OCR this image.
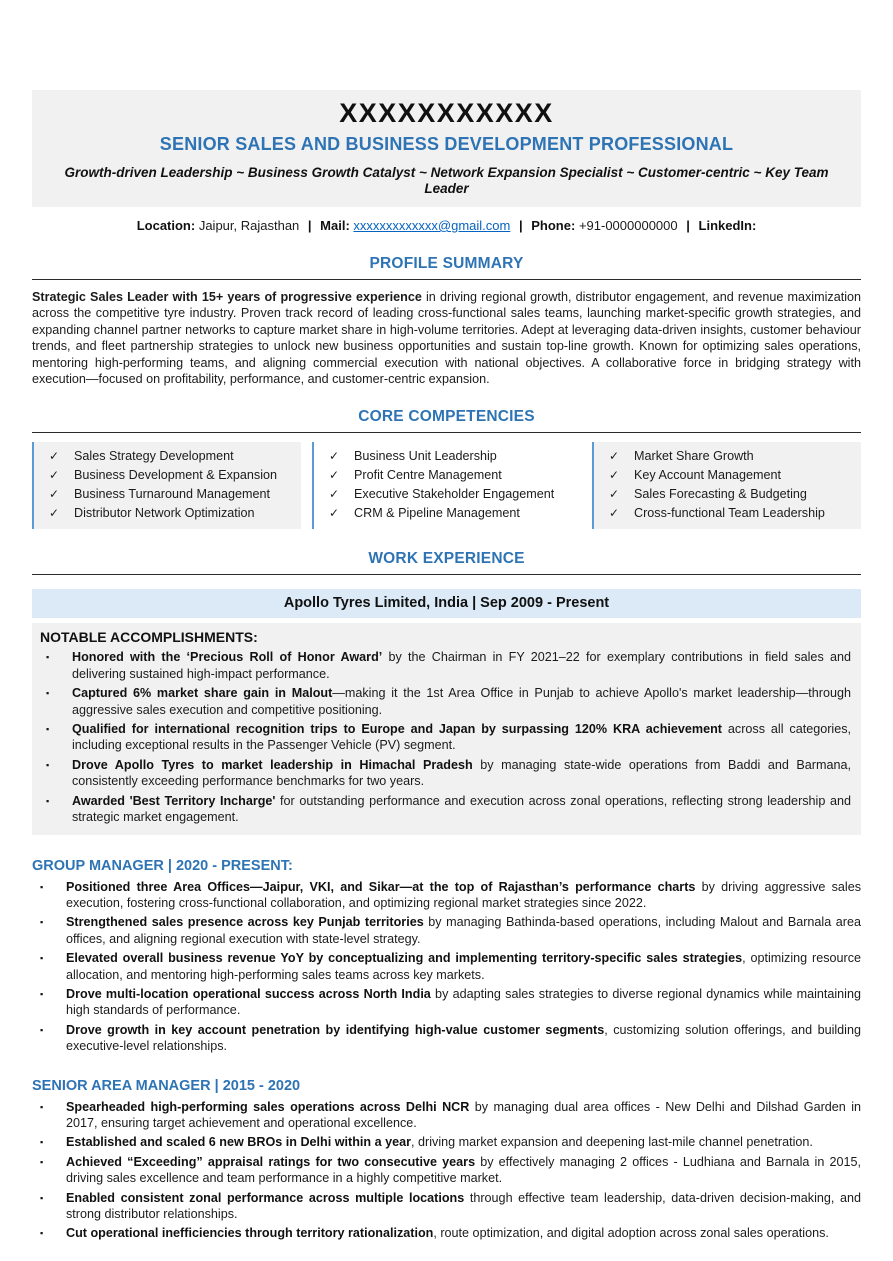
XXXXXXXXXXX
SENIOR SALES AND BUSINESS DEVELOPMENT PROFESSIONAL
Growth-driven Leadership ~ Business Growth Catalyst ~ Network Expansion Specialist ~ Customer-centric ~ Key Team Leader
Location: Jaipur, Rajasthan | Mail: xxxxxxxxxxxxx@gmail.com | Phone: +91-0000000000 | LinkedIn:
PROFILE SUMMARY
Strategic Sales Leader with 15+ years of progressive experience in driving regional growth, distributor engagement, and revenue maximization across the competitive tyre industry. Proven track record of leading cross-functional sales teams, launching market-specific growth strategies, and expanding channel partner networks to capture market share in high-volume territories. Adept at leveraging data-driven insights, customer behaviour trends, and fleet partnership strategies to unlock new business opportunities and sustain top-line growth. Known for optimizing sales operations, mentoring high-performing teams, and aligning commercial execution with national objectives. A collaborative force in bridging strategy with execution—focused on profitability, performance, and customer-centric expansion.
CORE COMPETENCIES
✓	Sales Strategy Development
✓	Business Development & Expansion
✓	Business Turnaround Management
✓	Distributor Network Optimization
✓	Business Unit Leadership
✓	Profit Centre Management
✓	Executive Stakeholder Engagement
✓	CRM & Pipeline Management
✓	Market Share Growth
✓	Key Account Management
✓	Sales Forecasting & Budgeting
✓	Cross-functional Team Leadership
WORK EXPERIENCE
Apollo Tyres Limited, India | Sep 2009 - Present
NOTABLE ACCOMPLISHMENTS:
▪	Honored with the ‘Precious Roll of Honor Award’ by the Chairman in FY 2021–22 for exemplary contributions in field sales and delivering sustained high-impact performance.
▪	Captured 6% market share gain in Malout—making it the 1st Area Office in Punjab to achieve Apollo's market leadership—through aggressive sales execution and competitive positioning.
▪	Qualified for international recognition trips to Europe and Japan by surpassing 120% KRA achievement across all categories, including exceptional results in the Passenger Vehicle (PV) segment.
▪	Drove Apollo Tyres to market leadership in Himachal Pradesh by managing state-wide operations from Baddi and Barmana, consistently exceeding performance benchmarks for two years.
▪	Awarded 'Best Territory Incharge' for outstanding performance and execution across zonal operations, reflecting strong leadership and strategic market engagement.
GROUP MANAGER | 2020 - PRESENT:
▪	Positioned three Area Offices—Jaipur, VKI, and Sikar—at the top of Rajasthan’s performance charts by driving aggressive sales execution, fostering cross-functional collaboration, and optimizing regional market strategies since 2022.
▪	Strengthened sales presence across key Punjab territories by managing Bathinda-based operations, including Malout and Barnala area offices, and aligning regional execution with state-level strategy.
▪	Elevated overall business revenue YoY by conceptualizing and implementing territory-specific sales strategies, optimizing resource allocation, and mentoring high-performing sales teams across key markets.
▪	Drove multi-location operational success across North India by adapting sales strategies to diverse regional dynamics while maintaining high standards of performance.
▪	Drove growth in key account penetration by identifying high-value customer segments, customizing solution offerings, and building executive-level relationships.
SENIOR AREA MANAGER | 2015 - 2020
▪	Spearheaded high-performing sales operations across Delhi NCR by managing dual area offices - New Delhi and Dilshad Garden in 2017, ensuring target achievement and operational excellence.
▪	Established and scaled 6 new BROs in Delhi within a year, driving market expansion and deepening last-mile channel penetration.
▪	Achieved “Exceeding” appraisal ratings for two consecutive years by effectively managing 2 offices - Ludhiana and Barnala in 2015, driving sales excellence and team performance in a highly competitive market.
▪	Enabled consistent zonal performance across multiple locations through effective team leadership, data-driven decision-making, and strong distributor relationships.
▪	Cut operational inefficiencies through territory rationalization, route optimization, and digital adoption across zonal sales operations.
